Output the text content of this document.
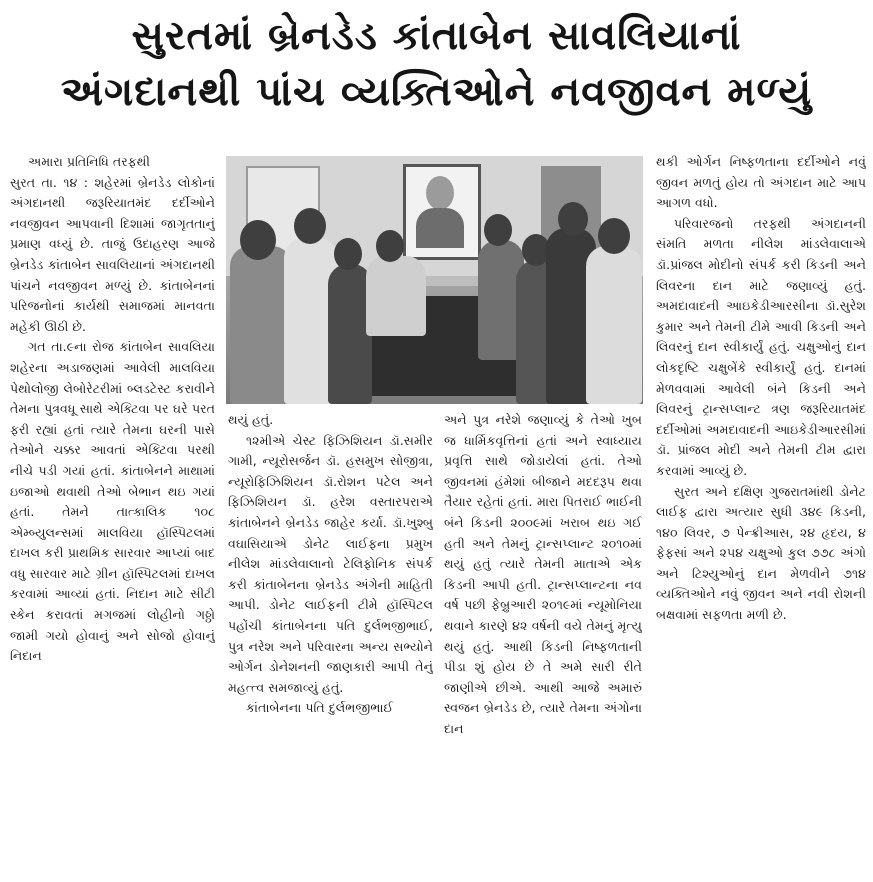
સુરતમાં બ્રેનડેડ કાંતાબેન સાવલિયાનાં
અંગદાનથી પાંચ વ્યક્તિઓને નવજીવન મળ્યું

અમારા પ્રતિનિધિ તરફથી

સુરત તા. ૧૪ : શહેરમાં બ્રેનડેડ લોકોનાં અંગદાનથી જરૂરિયાતમંદ દર્દીઓને નવજીવન આપવાની દિશામાં જાગૃતતાનું પ્રમાણ વધ્યું છે. તાજું ઉદાહરણ આજે બ્રેનડેડ કાંતાબેન સાવલિયાનાં અંગદાનથી પાંચને નવજીવન મળ્યું છે. કાંતાબેનનાં પરિજનોનાં કાર્યથી સમાજમાં માનવતા મહેકી ઊઠી છે.

ગત તા.૯ના રોજ કાંતાબેન સાવલિયા શહેરના અડાજણમાં આવેલી માલવિયા પેથોલોજી લેબોરેટરીમાં બ્લડટેસ્ટ કરાવીને તેમના પુત્રવધૂ સાથે એક્ટિવા પર ઘરે પરત ફરી રહ્યાં હતાં ત્યારે તેમના ઘરની પાસે તેઓને ચક્કર આવતાં એક્ટિવા પરથી નીચે પડી ગયાં હતાં. કાંતાબેનને માથામાં ઇજાઓ થવાથી તેઓ બેભાન થઇ ગયાં હતાં. તેમને તાત્કાલિક ૧૦૮ એમ્બ્યુલન્સમાં માલવિયા હૉસ્પિટલમાં દાખલ કરી પ્રાથમિક સારવાર આપ્યાં બાદ વધુ સારવાર માટે ગ્રીન હૉસ્પિટલમાં દાખલ કરવામાં આવ્યાં હતાં. નિદાન માટે સીટી સ્કેન કરાવતાં મગજમાં લોહીનો ગઠ્ઠો જામી ગયો હોવાનું અને સોજો હોવાનું નિદાન

થયું હતું.

૧૨મીએ ચેસ્ટ ફિઝિશિયન ડૉ.સમીર ગામી, ન્યૂરોસર્જન ડૉ. હસમુખ સોજીત્રા, ન્યૂરોફિઝિશિયન ડૉ.રોશન પટેલ અને ફિઝિશિયન ડૉ. હરેશ વસ્તારપરાએ કાંતાબેનને બ્રેનડેડ જાહેર કર્યા. ડૉ.ખુશ્બુ વઘાસિયાએ ડોનેટ લાઈફના પ્રમુખ નીલેશ માંડલેવાલાનો ટેલિફોનિક સંપર્ક કરી કાંતાબેનના બ્રેનડેડ અંગેની માહિતી આપી. ડોનેટ લાઈફની ટીમે હૉસ્પિટલ પહોંચી કાંતાબેનના પતિ દુર્લભજીભાઈ, પુત્ર નરેશ અને પરિવારના અન્ય સભ્યોને ઓર્ગન ડોનેશનની જાણકારી આપી તેનું મહત્ત્વ સમજાવ્યું હતું.

કાંતાબેનના પતિ દુર્લભજીભાઈ

અને પુત્ર નરેશે જણાવ્યું કે તેઓ ખુબ જ ધાર્મિકવૃત્તિનાં હતાં અને સ્વાધ્યાય પ્રવૃત્તિ સાથે જોડાયેલાં હતાં. તેઓ જીવનમાં હંમેશાં બીજાને મદદરૂપ થવા તૈયાર રહેતાં હતાં. મારા પિતરાઈ ભાઈની બંને કિડની ૨૦૦૯માં ખરાબ થઇ ગઈ હતી અને તેમનું ટ્રાન્સપ્લાન્ટ ૨૦૧૦માં થયું હતું ત્યારે તેમની માતાએ એક કિડની આપી હતી. ટ્રાન્સપ્લાન્ટના નવ વર્ષ પછી ફેબ્રુઆરી ૨૦૧૯માં ન્યૂમોનિયા થવાને કારણે ૪૨ વર્ષની વયે તેમનું મૃત્યુ થયું હતું. આથી કિડની નિષ્ફળતાની પીડા શું હોય છે તે અમે સારી રીતે જાણીએ છીએ. આથી આજે અમારું સ્વજન બ્રેનડેડ છે, ત્યારે તેમના અંગોના દાન

થકી ઓર્ગન નિષ્ફળતાના દર્દીઓને નવું જીવન મળતું હોય તો અંગદાન માટે આપ આગળ વધો.

પરિવારજનો તરફથી અંગદાનની સંમતિ મળતા નીલેશ માંડલેવાલાએ ડૉ.પ્રાંજલ મોદીનો સંપર્ક કરી કિડની અને લિવરના દાન માટે જણાવ્યું હતું. અમદાવાદની આઇકેડીઆરસીના ડૉ.સુરેશ કુમાર અને તેમની ટીમે આવી કિડની અને લિવરનું દાન સ્વીકાર્યું હતું. ચક્ષુઓનું દાન લોકદૃષ્ટિ ચક્ષુબેંકે સ્વીકાર્યું હતું. દાનમાં મેળવવામાં આવેલી બંને કિડની અને લિવરનું ટ્રાન્સપ્લાન્ટ ત્રણ જરૂરિયાતમંદ દર્દીઓમાં અમદાવાદની આઇકેડીઆરસીમાં ડૉ. પ્રાંજલ મોદી અને તેમની ટીમ દ્વારા કરવામાં આવ્યું છે.

સુરત અને દક્ષિણ ગુજરાતમાંથી ડોનેટ લાઈફ દ્વારા અત્યાર સુધી ૩૪૯ કિડની, ૧૪૦ લિવર, ૭ પેન્ક્રીઆસ, ૨૪ હૃદય, ૪ ફેફસાં અને ૨૫૪ ચક્ષુઓ કુલ ૭૭૮ અંગો અને ટિશ્યુઓનું દાન મેળવીને ૭૧૪ વ્યક્તિઓને નવું જીવન અને નવી રોશની બક્ષવામાં સફળતા મળી છે.
